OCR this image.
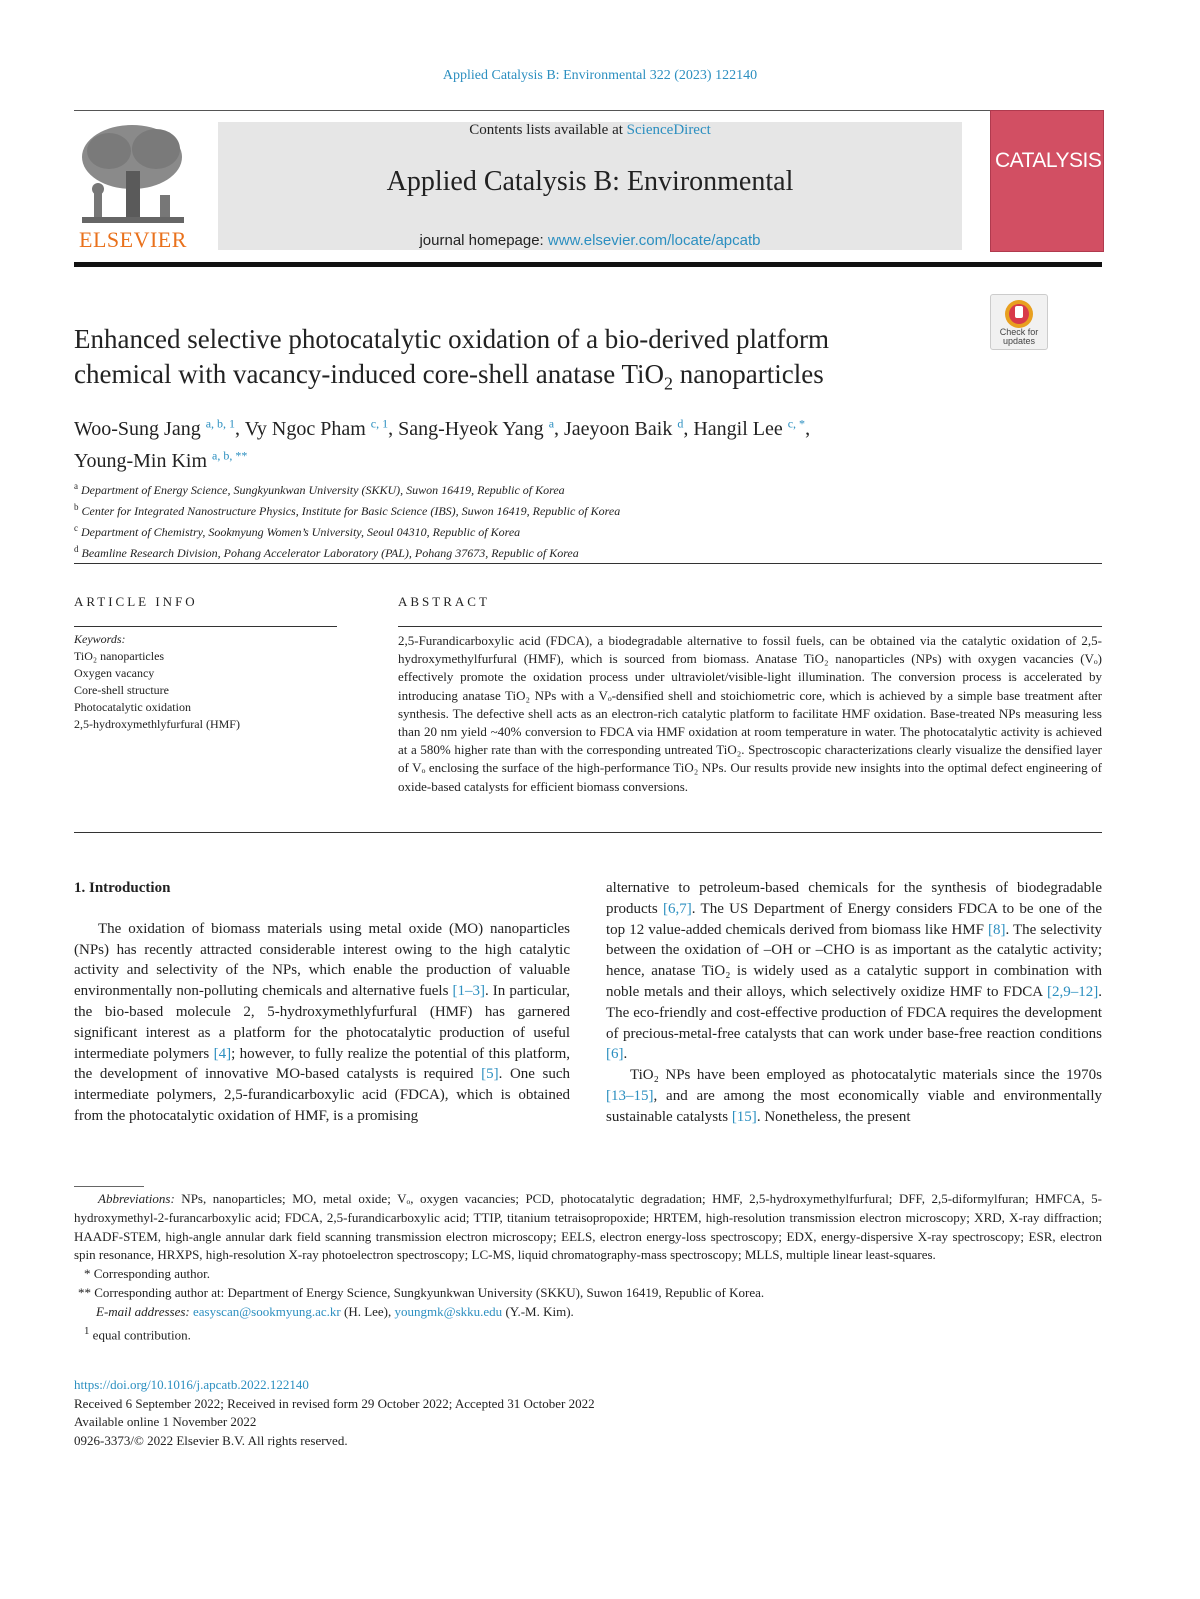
Applied Catalysis B: Environmental 322 (2023) 122140
ELSEVIER
Contents lists available at ScienceDirect
Applied Catalysis B: Environmental
journal homepage: www.elsevier.com/locate/apcatb
CATALYSIS
Check for updates
Enhanced selective photocatalytic oxidation of a bio-derived platform
chemical with vacancy-induced core-shell anatase TiO$_2$ nanoparticles
Woo-Sung Jang $^{a, b, 1}$, Vy Ngoc Pham $^{c, 1}$, Sang-Hyeok Yang $^a$, Jaeyoon Baik $^d$, Hangil Lee $^{c, *}$,
Young-Min Kim $^{a, b, **}$
$^a$ Department of Energy Science, Sungkyunkwan University (SKKU), Suwon 16419, Republic of Korea
$^b$ Center for Integrated Nanostructure Physics, Institute for Basic Science (IBS), Suwon 16419, Republic of Korea
$^c$ Department of Chemistry, Sookmyung Women’s University, Seoul 04310, Republic of Korea
$^d$ Beamline Research Division, Pohang Accelerator Laboratory (PAL), Pohang 37673, Republic of Korea
ARTICLE INFO	ABSTRACT
Keywords:
TiO₂ nanoparticles
Oxygen vacancy
Core-shell structure
Photocatalytic oxidation
2,5-hydroxymethlyfurfural (HMF)
2,5-Furandicarboxylic acid (FDCA), a biodegradable alternative to fossil fuels, can be obtained via the catalytic oxidation of 2,5-hydroxymethylfurfural (HMF), which is sourced from biomass. Anatase TiO₂ nanoparticles (NPs) with oxygen vacancies (Vₒ) effectively promote the oxidation process under ultraviolet/visible-light illumination. The conversion process is accelerated by introducing anatase TiO₂ NPs with a Vₒ-densified shell and stoichiometric core, which is achieved by a simple base treatment after synthesis. The defective shell acts as an electron-rich catalytic platform to facilitate HMF oxidation. Base-treated NPs measuring less than 20 nm yield ~40% conversion to FDCA via HMF oxidation at room temperature in water. The photocatalytic activity is achieved at a 580% higher rate than with the corresponding untreated TiO₂. Spectroscopic characterizations clearly visualize the densified layer of Vₒ enclosing the surface of the high-performance TiO₂ NPs. Our results provide new insights into the optimal defect engineering of oxide-based catalysts for efficient biomass conversions.

1. Introduction

The oxidation of biomass materials using metal oxide (MO) nanoparticles (NPs) has recently attracted considerable interest owing to the high catalytic activity and selectivity of the NPs, which enable the production of valuable environmentally non-polluting chemicals and alternative fuels [1–3]. In particular, the bio-based molecule 2, 5-hydroxymethlyfurfural (HMF) has garnered significant interest as a platform for the photocatalytic production of useful intermediate polymers [4]; however, to fully realize the potential of this platform, the development of innovative MO-based catalysts is required [5]. One such intermediate polymers, 2,5-furandicarboxylic acid (FDCA), which is obtained from the photocatalytic oxidation of HMF, is a promising

alternative to petroleum-based chemicals for the synthesis of biodegradable products [6,7]. The US Department of Energy considers FDCA to be one of the top 12 value-added chemicals derived from biomass like HMF [8]. The selectivity between the oxidation of –OH or –CHO is as important as the catalytic activity; hence, anatase TiO₂ is widely used as a catalytic support in combination with noble metals and their alloys, which selectively oxidize HMF to FDCA [2,9–12]. The eco-friendly and cost-effective production of FDCA requires the development of precious-metal-free catalysts that can work under base-free reaction conditions [6].

TiO₂ NPs have been employed as photocatalytic materials since the 1970s [13–15], and are among the most economically viable and environmentally sustainable catalysts [15]. Nonetheless, the present

Abbreviations: NPs, nanoparticles; MO, metal oxide; Vₒ, oxygen vacancies; PCD, photocatalytic degradation; HMF, 2,5-hydroxymethylfurfural; DFF, 2,5-diformylfuran; HMFCA, 5-hydroxymethyl-2-furancarboxylic acid; FDCA, 2,5-furandicarboxylic acid; TTIP, titanium tetraisopropoxide; HRTEM, high-resolution transmission electron microscopy; XRD, X-ray diffraction; HAADF-STEM, high-angle annular dark field scanning transmission electron microscopy; EELS, electron energy-loss spectroscopy; EDX, energy-dispersive X-ray spectroscopy; ESR, electron spin resonance, HRXPS, high-resolution X-ray photoelectron spectroscopy; LC-MS, liquid chromatography-mass spectroscopy; MLLS, multiple linear least-squares.

* Corresponding author.

** Corresponding author at: Department of Energy Science, Sungkyunkwan University (SKKU), Suwon 16419, Republic of Korea.

E-mail addresses: easyscan@sookmyung.ac.kr (H. Lee), youngmk@skku.edu (Y.-M. Kim).

$^1$ equal contribution.

https://doi.org/10.1016/j.apcatb.2022.122140
Received 6 September 2022; Received in revised form 29 October 2022; Accepted 31 October 2022
Available online 1 November 2022
0926-3373/© 2022 Elsevier B.V. All rights reserved.
